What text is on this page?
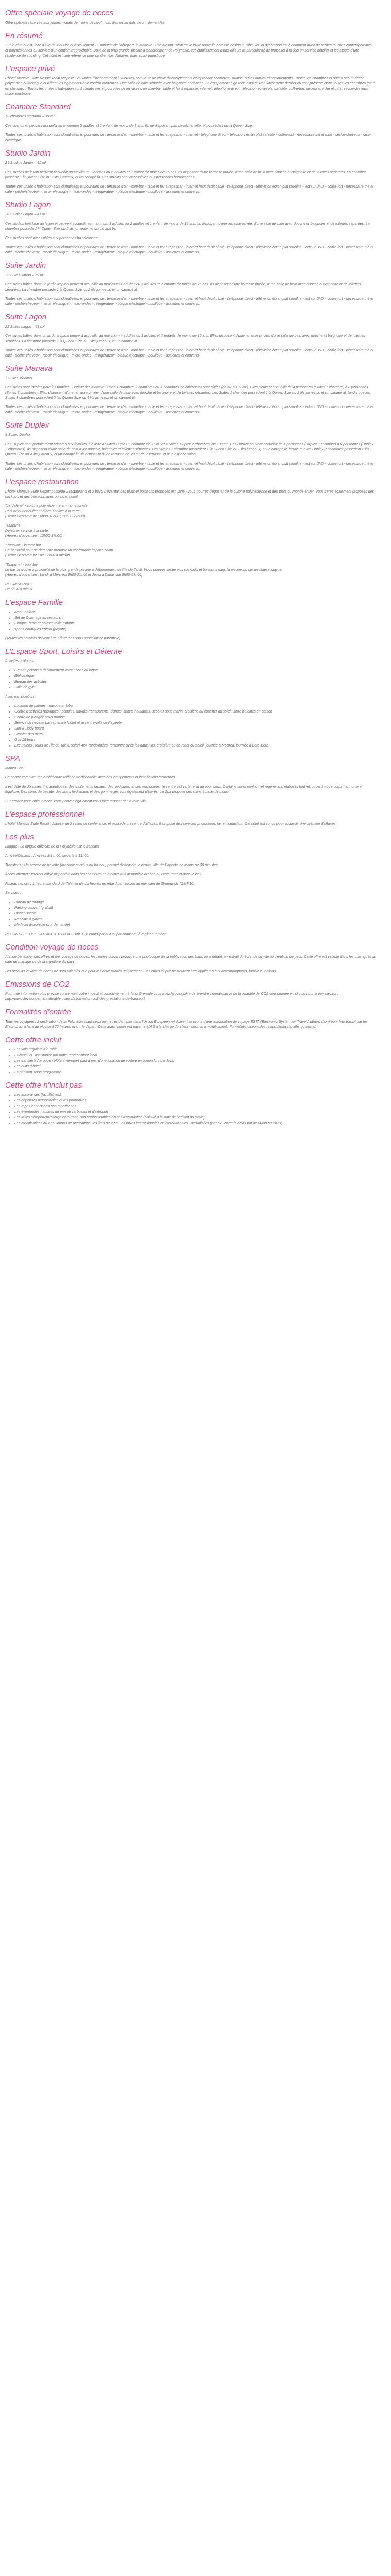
Offre spéciale voyage de noces

Offre spéciale réservée aux jeunes mariés de moins de neuf mois, des justificatifs seront demandés.

En résumé

Sur la côte ouest, face à l'île de Maurice et à seulement 10 minutes de l'aéroport, le Manova Suite Resort Tahiti est le loulé nouvelle adresse design à Tahiti. Ici, la décoration est à l'honneur avec de petites touches contemporaines et polynésiennes au service d'un confort irréprochable. Doté de la plus grande piscine à débordement de Polynésie, cet établissement a pas ailleurs la particularité de proposer à la fois un service hôtelier et les atouts d'une résidence de standing. Cet hôtel est une référence pour sa clientèle d'affaires mais aussi touristique.

L'espace privé

L'hôtel Manava Suite Resort Tahiti propose 121 unités d'hébergement luxueuses, soit un vaste choix d'hébergements comprenant chambres, studios, suites duplex et appartements. Toutes les chambres et suites ont un décor polynésien authentique et offrent les agréments et le confort modernes. Une salle de bain séparée avec baignoire et douche, un équipement high-tech ainsi qu'une kitchenette dernier cri sont présents dans toutes les chambres (sauf en standard). Toutes les unités d'habitation sont climatisées et pourvues de terrasse d'un mini-bar, table et fer à repasser, internet, téléphone direct, télévision écran plat satellite, coffre-fort, nécessaire thé et café, sèche-cheveux, rasoir électrique.

Chambre Standard

12 chambres standard – 30 m²

Ces chambres peuvent accueillir au maximum 2 adultes et 1 enfant de moins de 3 ans. Ils ne disposent pas de kitchenette, et possèdent un lit Queen Size.

Toutes ces unités d'habitation sont climatisées et pourvues de : terrasse d'air - mini-bar - table et fer à repasser - internet - téléphone direct - télévision écran plat satellite - coffre-fort - nécessaire thé et café - sèche-cheveux - rasoir électrique.

Studio Jardin

24 Studios Jardin – 41 m²

Ces studios de jardin peuvent accueillir au maximum 3 adultes ou 2 adultes et 1 enfant de moins de 15 ans. Ils disposent d'une terrasse privée, d'une salle de bain avec douche et baignoire et de toilettes séparées. La chambre possède 1 lit Queen Size ou 2 lits jumeaux, et un canapé lit. Ces studios sont accessibles aux personnes handicapées.

Toutes ces unités d'habitation sont climatisées et pourvues de : terrasse d'air - mini-bar - table et fer à repasser - internet haut débit câblé - téléphone direct - télévision écran plat satellite - lecteur DVD - coffre-fort - nécessaire thé et café - sèche-cheveux - rasoir électrique - micro-ondes - réfrigérateur - plaque électrique - bouilloire - assiettes et couverts.

Studio Lagon

28 Studios Lagon – 41 m²

Ces studios font face au lagon et peuvent accueillir au maximum 3 adultes ou 2 adultes et 1 enfant de moins de 15 ans. Ils disposent d'une terrasse privée, d'une salle de bain avec douche et baignoire et de toilettes séparées. La chambre possède 1 lit Queen Size ou 2 lits jumeaux, et un canapé lit.

Ces studios sont accessibles aux personnes handicapées.

Toutes ces unités d'habitation sont climatisées et pourvues de : terrasse d'air - mini-bar - table et fer à repasser - internet haut débit câblé - téléphone direct - télévision écran plat satellite - lecteur DVD - coffre-fort - nécessaire thé et café - sèche-cheveux - rasoir électrique - micro-ondes - réfrigérateur - plaque électrique - bouilloire - assiettes et couverts.

Suite Jardin

22 Suites Jardin – 59 m²

Ces suites bâties dans un jardin tropical peuvent accueillir au maximum 4 adultes ou 3 adultes et 2 enfants de moins de 15 ans. Ils disposent d'une terrasse privée, d'une salle de bain avec douche et baignoire et de toilettes séparées. La chambre possède 1 lit Queen Size ou 2 lits jumeaux, et un canapé lit.

Toutes ces unités d'habitation sont climatisées et pourvues de : terrasse d'air - mini-bar - table et fer à repasser - internet haut débit câblé - téléphone direct - télévision écran plat satellite - lecteur DVD - coffre-fort - nécessaire thé et café - sèche-cheveux - rasoir électrique - micro-ondes - réfrigérateur - plaque électrique - bouilloire - assiettes et couverts.

Suite Lagon

21 Suites Lagon – 59 m²

Ces suites bâties dans un jardin tropical peuvent accueillir au maximum 4 adultes ou 3 adultes et 2 enfants de moins de 15 ans. Elles disposent d'une terrasse privée, d'une salle de bain avec douche et baignoire et de toilettes séparées. La chambre possède 1 lit Queen Size ou 2 lits jumeaux, et un canapé lit.

Toutes ces unités d'habitation sont climatisées et pourvues de : terrasse d'air - mini-bar - table et fer à repasser - internet haut débit câblé - téléphone direct - télévision écran plat satellite - lecteur DVD - coffre-fort - nécessaire thé et café - sèche-cheveux - rasoir électrique - micro-ondes - réfrigérateur - plaque électrique - bouilloire - assiettes et couverts.

Suite Manava

7 Suites Manava

Ces suites sont idéales pour les familles. Il existe des Manava Suites 1 chambre, 2 chambres ou 3 chambres de différentes superficies (de 67 à 107 m²). Elles peuvent accueillir de 4 personnes (Suites 1 chambre) à 8 personnes (Suites 3 chambres). Elles disposent d'une terrasse privée, d'une salle de bain avec douche et baignoire et de toilettes séparées. Les Suites 1 chambre possèdent 1 lit Queen Size ou 2 lits jumeaux, et un canapé lit, tandis que les Suites 3 chambres possèdent 2 lits Queen Size ou 4 lits jumeaux et un canapé lit.

Toutes ces unités d'habitation sont climatisées et pourvues de : terrasse d'air - mini-bar - table et fer à repasser - internet haut débit câblé - téléphone direct - télévision écran plat satellite - lecteur DVD - coffre-fort - nécessaire thé et café - sèche-cheveux - rasoir électrique - micro-ondes - réfrigérateur - plaque électrique - bouilloire - assiettes et couverts.

Suite Duplex

8 Suites Duplex

Ces Duplex sont parfaitement adaptés aux familles. Il existe 4 Suites Duplex 1 chambre de 77 m² et 4 Suites Duplex 2 chambres de 139 m². Ces Duplex peuvent accueillir de 4 personnes (Duplex 1 chambre) à 6 personnes (Duplex 2 chambres). Ils disposent d'une salle de bain avec douche, baignoire et toilettes séparées. Les Duplex 1 chambre possèdent 1 lit Queen Size ou 2 lits jumeaux, et un canapé lit, tandis que les Duplex 2 chambres possèdent 2 lits Queen Size ou 4 lits jumeaux, et un canapé lit. Ils disposent d'une terrasse de 20 m² de 2 terrasse et d'un espace salon.

Toutes ces unités d'habitation sont climatisées et pourvues de : terrasse d'air - mini-bar - table et fer à repasser - internet haut débit câblé - téléphone direct - télévision écran plat satellite - lecteur DVD - coffre-fort - nécessaire thé et café - sèche-cheveux - rasoir électrique - micro-ondes - réfrigérateur - plaque électrique - bouilloire - assiettes et couverts.

L'espace restauration

L'hôtel Manava Suite Resort possède 2 restaurants et 2 bars. L'éventail des plats et boissons proposés est varié - vous pourrez déguster de la cuisine polynésienne et des plats du monde entier. Vous serez également proposés des cocktails et des boissons avec ou sans alcool.

"Le Vahiné" - cuisine polynésienne et internationale
Petit déjeuner buffet et dîner, service à la carte
(Heures d'ouverture : 6h00-10h00 ; 18h30-22h00)

"Taapuna"
Déjeuner service à la carte
(Heures d'ouverture : 12h00-17h00)

"Punavai" - lounge bar
Ce bar idéal pour se détendre propose un confortable espace salon.
(Heures d'ouverture : de 17h00 à minuit)

"Taapuna" - pool bar
Le bar se trouve à proximité de la plus grande piscine à débordement de l'île de Tahiti. Vous pourrez siroter vos cocktails et boissons dans la piscine ou sur un chaise longue.
(Heures d'ouverture : Lundi à Mercredi 9h00-21h00 et Jeudi à Dimanche 9h00-23h00)

ROOM SERVICE
De 6h00 à minuit

L'espace Famille
• Menu enfant
• Set de Coloriage au restaurant
• Pirogue, table et palmes taille enfants
• sports nautiques enfant (payant)

(Toutes les activités doivent être effectuées sous surveillance parentale)

L'Espace Sport, Loisirs et Détente

Activités gratuites :

• Grande piscine à débordement avec accès au lagon
• Bibliothèque
• Bureau des activités
• Salle de gym

Avec participation :

• Location de palmes, masque et tuba
• Centre d'activités nautiques : paddles, kayaks transparents, donuts, sports nautiques, scooter sous marin, croisière au coucher du soleil, sorte baleines en saison
• Centre de plongée sous-marine
• Service de navette bateau entre l'hôtel et le centre-ville de Papeete
• Surf & Body board
• Scooter des mers
• Golf 18 trous
• Excursions : tours de l'île de Tahiti, safari 4x4, randonnées, rencontre avec les dauphins, croisière au coucher du soleil, journée à Moorea, journée à Bora Bora.
SPA

Manea Spa

Ce centre combine une architecture raffinée traditionnelle avec des équipements et installations modernes.

Il est doté de dix salles thérapeutiques, des traitements faciaux, des pédicures et des manucures, le centre est verte rend au pour deux. Certains soins purifiant et régénérant, élaborés font retrouver à votre corps harmonie et équilibre. Des soins de beauté, des soins hydratants et des gommages sont également délivrés. Le Spa propose des soins à base de monoï.

Sur rendez-vous uniquement. Vous pouvez également vous faire masser dans votre villa.

L'espace professionnel

L'hôtel Manava Suite Resort dispose de 2 salles de conférence, et possède un centre d'affaires. Il propose des services photocopie, fax et traduction. Cet hôtel est conçu pour accueillir une clientèle d'affaires.

Les plus

Langue : La langue officielle de la Polynésie est le français

Arrivée/Départs : Arrivées à 14h00, départs à 11h00.

Transferts : Un service de navette (au choix minibus ou bateau) permet d'atteindre le centre-ville de Papeete en moins de 30 minutes.

Accès internet : Internet câblé disponible dans les chambres et Internet wi-fi disponible au bar, au restaurant et dans le hall.

Fuseau horaire : 1 heure standard de Tahiti et de dix heures en retard par rapport au méridien de Greenwich (GMT-10).

Services :

• Bureau de change
• Parking couvert (gratuit)
• Blanchisserie
• Machine à glaces
• Médecin disponible (sur demande)

RESORT FEE OBLIGATOIRE = 1500 XPF soit 12,6 euros par nuit et par chambre, à régler sur place.

Condition voyage de noces

Afin de bénéficier des offres et prix voyage de noces, les mariés doivent produire une photocopie de la publication des bans ou à défaut, un extrait du livret de famille ou certificat de pacs. Cette offre est valable dans les trois après la date de mariage ou de la signature du pacs.

Les produits voyage de noces ne sont valables que pour les deux mariés uniquement. Ces offres et prix ne peuvent être appliqués aux accompagnants, famille et enfants.

Emissions de CO2

Pour une information plus précise concernant votre impact et conformément à la loi Grenelle vous avez la possibilité de prendre connaissance de la quantité de CO2 consommée en cliquant sur le lien suivant : http://www.developpement-durable.gouv.fr/information-co2-des-prestations-de-transport

Formalités d'entrée

Tous les voyageurs à destination de la Polynésie (sauf ceux qui ne résident pas dans l'Union Européenne) doivent se munir d'une autorisation de voyage ESTA (Electronic System for Travel Authorization) pour leur transit par les Etats-Unis, à faire au plus tard 72 heures avant le départ. Cette autorisation est payante (14 $ à la charge du client - soumis à modification). Formalités disponibles : https://esta.cbp.dhs.gov/esta/

Cette offre inclut
• Les vols réguliers Air Tahiti
• L'accueil et l'assistance par notre représentant local
• Les transferts Aéroport / Hôtel / Aéroport sauf à prix d'une location de voiture en option lors du devis
• Les nuits d'hôtel
• La pension selon programme
Cette offre n'inclut pas
• Les assurances (facultatives)
• Les dépenses personnelles et les pourboires
• Les repas et boissons non mentionnés
• Les éventuelles hausses du prix du carburant et d'aéroport
• Les taxes aéroport/surcharge carburant, non remboursables en cas d'annulation (calculé à la date de l'édition du devis)
• Les modifications ou annulations de prestations, les frais de visa. Les taxes internationales et internationales - actualisées (par ex : entre le devis par de Milan ou Paris)
